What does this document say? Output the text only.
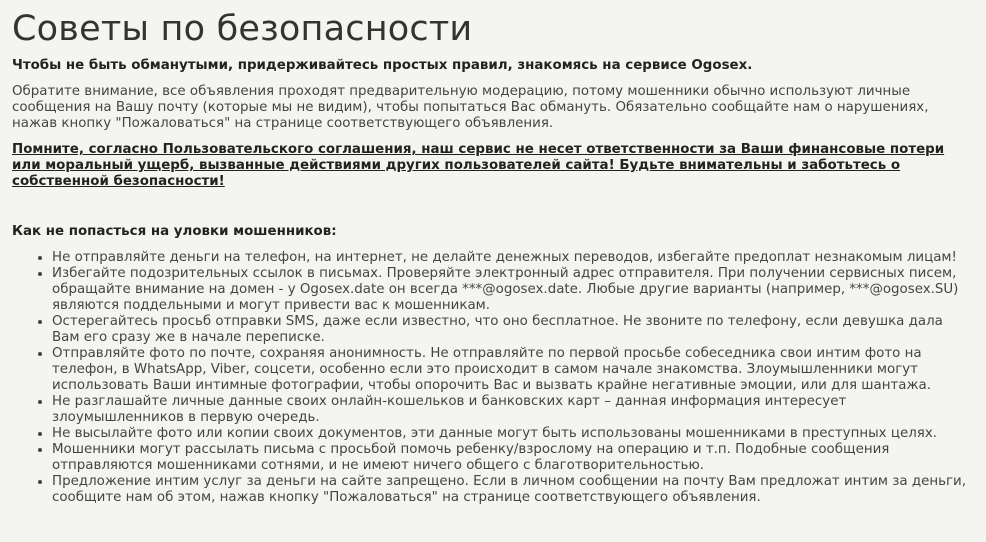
Советы по безопасности

Чтобы не быть обманутыми, придерживайтесь простых правил, знакомясь на сервисе Ogosex.

Обратите внимание, все объявления проходят предварительную модерацию, потому мошенники обычно используют личные сообщения на Вашу почту (которые мы не видим), чтобы попытаться Вас обмануть. Обязательно сообщайте нам о нарушениях, нажав кнопку "Пожаловаться" на странице соответствующего объявления.

Помните, согласно Пользовательского соглашения, наш сервис не несет ответственности за Ваши финансовые потери или моральный ущерб, вызванные действиями других пользователей сайта! Будьте внимательны и заботьтесь о собственной безопасности!

Как не попасться на уловки мошенников:
• Не отправляйте деньги на телефон, на интернет, не делайте денежных переводов, избегайте предоплат незнакомым лицам!
• Избегайте подозрительных ссылок в письмах. Проверяйте электронный адрес отправителя. При получении сервисных писем, обращайте внимание на домен - у Ogosex.date он всегда ***@ogosex.date. Любые другие варианты (например, ***@ogosex.SU) являются поддельными и могут привести вас к мошенникам.
• Остерегайтесь просьб отправки SMS, даже если известно, что оно бесплатное. Не звоните по телефону, если девушка дала Вам его сразу же в начале переписке.
• Отправляйте фото по почте, сохраняя анонимность. Не отправляйте по первой просьбе собеседника свои интим фото на телефон, в WhatsApp, Viber, соцсети, особенно если это происходит в самом начале знакомства. Злоумышленники могут использовать Ваши интимные фотографии, чтобы опорочить Вас и вызвать крайне негативные эмоции, или для шантажа.
• Не разглашайте личные данные своих онлайн-кошельков и банковских карт – данная информация интересует злоумышленников в первую очередь.
• Не высылайте фото или копии своих документов, эти данные могут быть использованы мошенниками в преступных целях.
• Мошенники могут рассылать письма с просьбой помочь ребенку/взрослому на операцию и т.п. Подобные сообщения отправляются мошенниками сотнями, и не имеют ничего общего с благотворительностью.
• Предложение интим услуг за деньги на сайте запрещено. Если в личном сообщении на почту Вам предложат интим за деньги, сообщите нам об этом, нажав кнопку "Пожаловаться" на странице соответствующего объявления.
